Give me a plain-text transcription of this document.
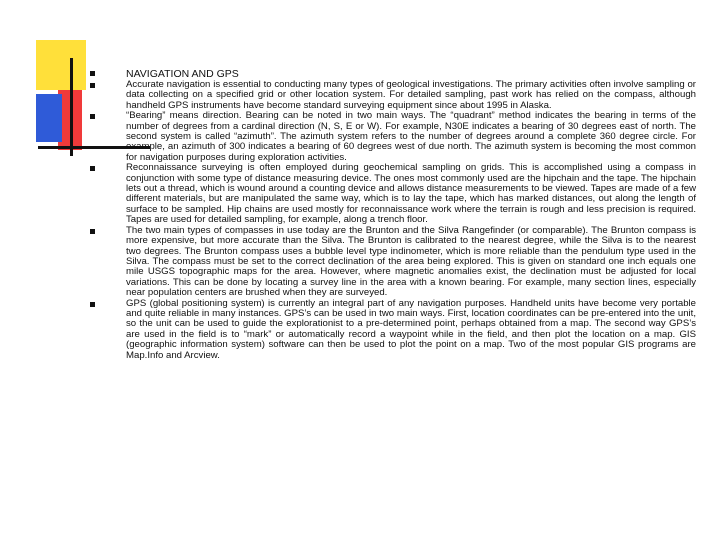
NAVIGATION AND GPS
Accurate navigation is essential to conducting many types of geological investigations. The primary activities often involve sampling or data collecting on a specified grid or other location system. For detailed sampling, past work has relied on the compass, although handheld GPS instruments have become standard surveying equipment since about 1995 in Alaska.
“Bearing” means direction. Bearing can be noted in two main ways. The “quadrant” method indicates the bearing in terms of the number of degrees from a cardinal direction (N, S, E or W). For example, N30E indicates a bearing of 30 degrees east of north. The second system is called “azimuth”. The azimuth system refers to the number of degrees around a complete 360 degree circle. For example, an azimuth of 300 indicates a bearing of 60 degrees west of due north. The azimuth system is becoming the most common for navigation purposes during exploration activities.
Reconnaissance surveying is often employed during geochemical sampling on grids. This is accomplished using a compass in conjunction with some type of distance measuring device. The ones most commonly used are the hipchain and the tape. The hipchain lets out a thread, which is wound around a counting device and allows distance measurements to be viewed. Tapes are made of a few different materials, but are manipulated the same way, which is to lay the tape, which has marked distances, out along the length of surface to be sampled. Hip chains are used mostly for reconnaissance work where the terrain is rough and less precision is required. Tapes are used for detailed sampling, for example, along a trench floor.
The two main types of compasses in use today are the Brunton and the Silva Rangefinder (or comparable). The Brunton compass is more expensive, but more accurate than the Silva. The Brunton is calibrated to the nearest degree, while the Silva is to the nearest two degrees. The Brunton compass uses a bubble level type indinometer, which is more reliable than the pendulum type used in the Silva. The compass must be set to the correct declination of the area being explored. This is given on standard one inch equals one mile USGS topographic maps for the area. However, where magnetic anomalies exist, the declination must be adjusted for local variations. This can be done by locating a survey line in the area with a known bearing. For example, many section lines, especially near population centers are brushed when they are surveyed.
GPS (global positioning system) is currently an integral part of any navigation purposes. Handheld units have become very portable and quite reliable in many instances. GPS’s can be used in two main ways. First, location coordinates can be pre-entered into the unit, so the unit can be used to guide the explorationist to a pre-determined point, perhaps obtained from a map. The second way GPS’s are used in the field is to “mark” or automatically record a waypoint while in the field, and then plot the location on a map. GIS (geographic information system) software can then be used to plot the point on a map. Two of the most popular GIS programs are Map.Info and Arcview.
